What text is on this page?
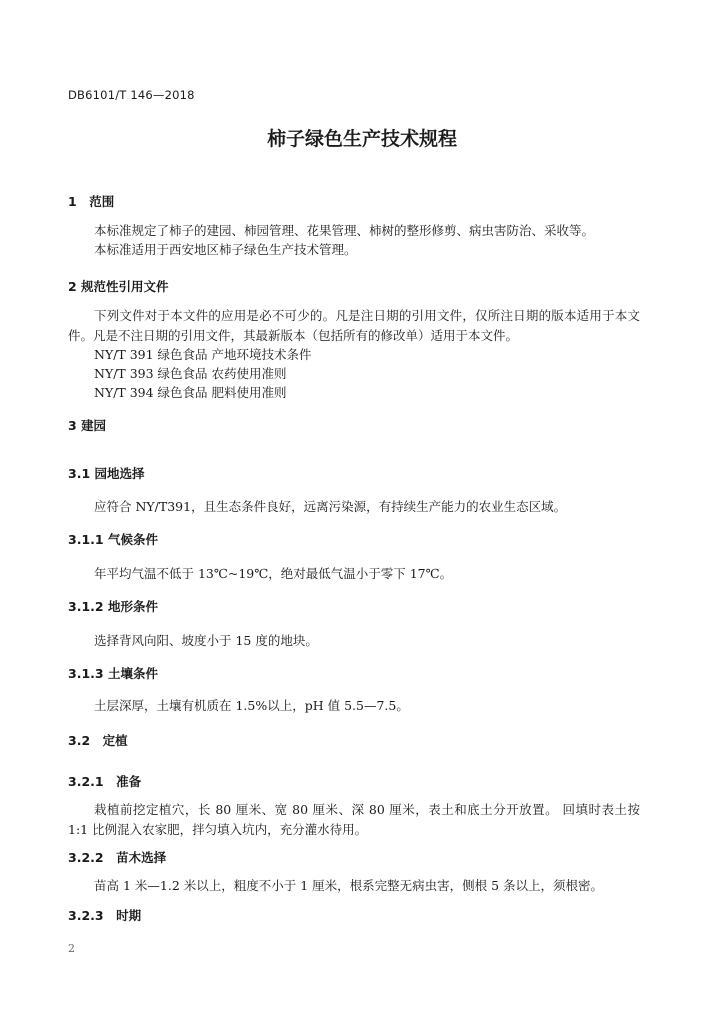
DB6101/T 146—2018
柿子绿色生产技术规程
1　范围
本标准规定了柿子的建园、柿园管理、花果管理、柿树的整形修剪、病虫害防治、采收等。
本标准适用于西安地区柿子绿色生产技术管理。
2 规范性引用文件
下列文件对于本文件的应用是必不可少的。凡是注日期的引用文件，仅所注日期的版本适用于本文件。凡是不注日期的引用文件，其最新版本（包括所有的修改单）适用于本文件。
NY/T 391 绿色食品 产地环境技术条件
NY/T 393 绿色食品 农药使用准则
NY/T 394 绿色食品 肥料使用准则
3 建园
3.1 园地选择
应符合 NY/T391，且生态条件良好，远离污染源，有持续生产能力的农业生态区域。
3.1.1 气候条件
年平均气温不低于 13℃~19℃，绝对最低气温小于零下 17℃。
3.1.2 地形条件
选择背风向阳、坡度小于 15 度的地块。
3.1.3 土壤条件
土层深厚，土壤有机质在 1.5%以上，pH 值 5.5—7.5。
3.2　定植
3.2.1　准备
栽植前挖定植穴，长 80 厘米、宽 80 厘米、深 80 厘米，表土和底土分开放置。 回填时表土按 1:1 比例混入农家肥，拌匀填入坑内，充分灌水待用。
3.2.2　苗木选择
苗高 1 米—1.2 米以上，粗度不小于 1 厘米，根系完整无病虫害，侧根 5 条以上，须根密。
3.2.3　时期
2
